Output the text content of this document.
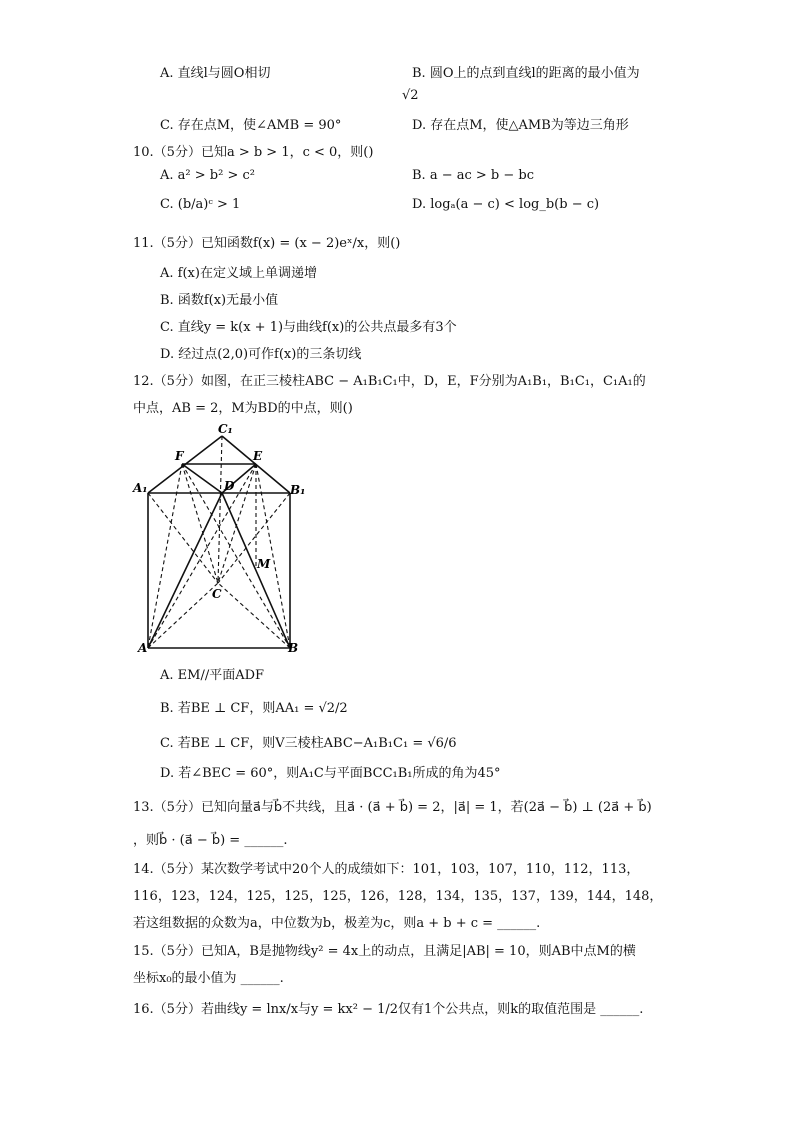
A. 直线l与圆O相切	B. 圆O上的点到直线l的距离的最小值为
√2
C. 存在点M，使∠AMB = 90°	D. 存在点M，使△AMB为等边三角形
10.（5分）已知a > b > 1，c < 0，则()
A. a² > b² > c²	B. a − ac > b − bc
C. (b/a)ᶜ > 1	D. logₐ(a − c) < log_b(b − c)
11.（5分）已知函数f(x) = (x − 2)eˣ/x，则()
A. f(x)在定义域上单调递增
B. 函数f(x)无最小值
C. 直线y = k(x + 1)与曲线f(x)的公共点最多有3个
D. 经过点(2,0)可作f(x)的三条切线
12.（5分）如图，在正三棱柱ABC − A₁B₁C₁中，D，E，F分别为A₁B₁，B₁C₁，C₁A₁的
中点，AB = 2，M为BD的中点，则()
C₁
F	E
A₁	D	B₁
M
C
A	B
A. EM//平面ADF
B. 若BE ⊥ CF，则AA₁ = √2/2
C. 若BE ⊥ CF，则V三棱柱ABC−A₁B₁C₁ = √6/6
D. 若∠BEC = 60°，则A₁C与平面BCC₁B₁所成的角为45°
13.（5分）已知向量a⃗与b⃗不共线，且a⃗ · (a⃗ + b⃗) = 2，|a⃗| = 1，若(2a⃗ − b⃗) ⊥ (2a⃗ + b⃗)
，则b⃗ · (a⃗ − b⃗) = ______.
14.（5分）某次数学考试中20个人的成绩如下：101，103，107，110，112，113，
116，123，124，125，125，125，126，128，134，135，137，139，144，148，
若这组数据的众数为a，中位数为b，极差为c，则a + b + c = ______.
15.（5分）已知A，B是抛物线y² = 4x上的动点，且满足|AB| = 10，则AB中点M的横
坐标x₀的最小值为 ______.
16.（5分）若曲线y = lnx/x与y = kx² − 1/2仅有1个公共点，则k的取值范围是 ______.
